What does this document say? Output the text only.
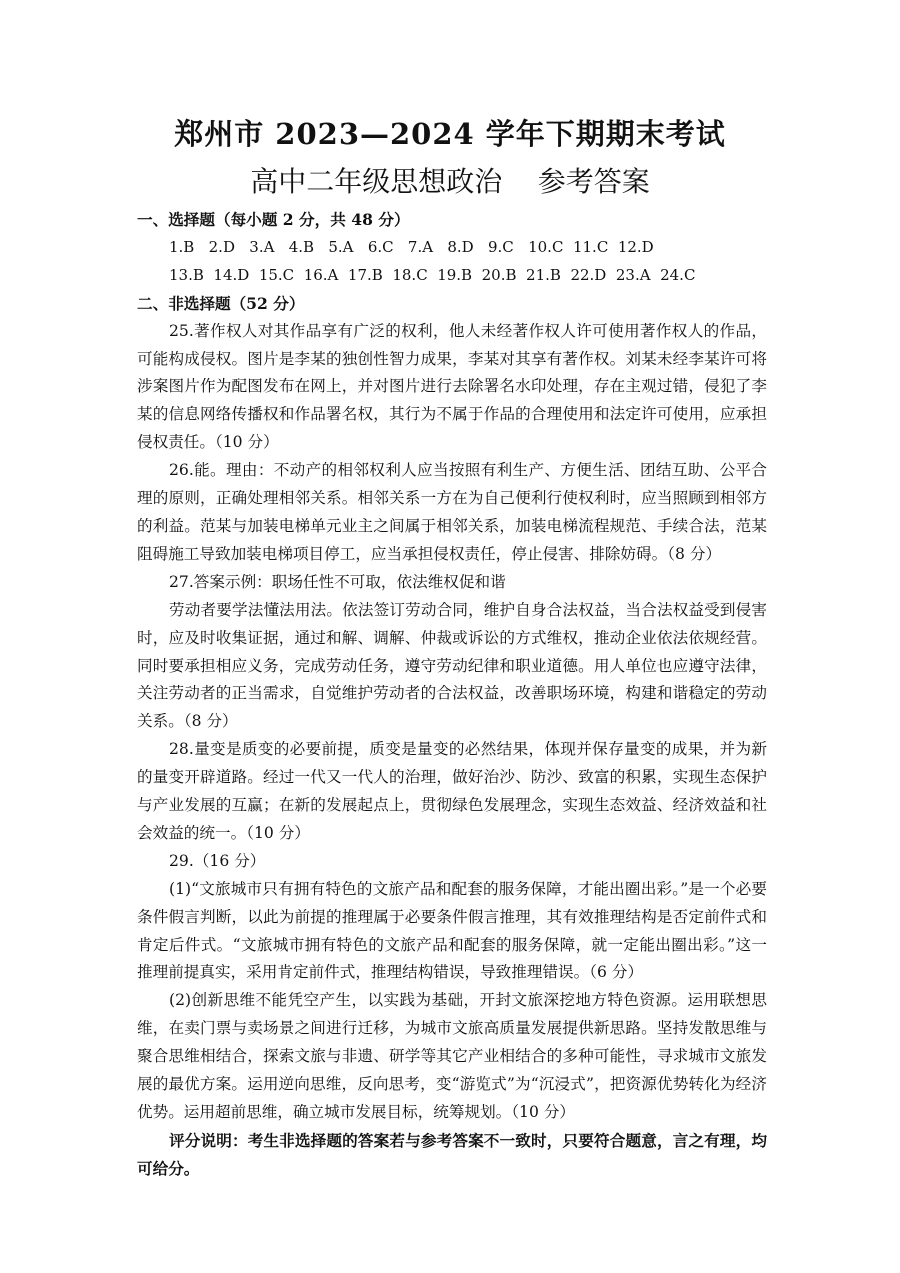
郑州市 2023—2024 学年下期期末考试
高中二年级思想政治    参考答案
一、选择题（每小题 2 分，共 48 分）
1.B   2.D   3.A   4.B   5.A   6.C   7.A   8.D   9.C   10.C  11.C  12.D
13.B  14.D  15.C  16.A  17.B  18.C  19.B  20.B  21.B  22.D  23.A  24.C
二、非选择题（52 分）

25.著作权人对其作品享有广泛的权利，他人未经著作权人许可使用著作权人的作品，可能构成侵权。图片是李某的独创性智力成果，李某对其享有著作权。刘某未经李某许可将涉案图片作为配图发布在网上，并对图片进行去除署名水印处理，存在主观过错，侵犯了李某的信息网络传播权和作品署名权，其行为不属于作品的合理使用和法定许可使用，应承担侵权责任。（10 分）

26.能。理由：不动产的相邻权利人应当按照有利生产、方便生活、团结互助、公平合理的原则，正确处理相邻关系。相邻关系一方在为自己便利行使权利时，应当照顾到相邻方的利益。范某与加装电梯单元业主之间属于相邻关系，加装电梯流程规范、手续合法，范某阻碍施工导致加装电梯项目停工，应当承担侵权责任，停止侵害、排除妨碍。（8 分）

27.答案示例：职场任性不可取，依法维权促和谐

劳动者要学法懂法用法。依法签订劳动合同，维护自身合法权益，当合法权益受到侵害时，应及时收集证据，通过和解、调解、仲裁或诉讼的方式维权，推动企业依法依规经营。同时要承担相应义务，完成劳动任务，遵守劳动纪律和职业道德。用人单位也应遵守法律，关注劳动者的正当需求，自觉维护劳动者的合法权益，改善职场环境，构建和谐稳定的劳动关系。（8 分）

28.量变是质变的必要前提，质变是量变的必然结果，体现并保存量变的成果，并为新的量变开辟道路。经过一代又一代人的治理，做好治沙、防沙、致富的积累，实现生态保护与产业发展的互赢；在新的发展起点上，贯彻绿色发展理念，实现生态效益、经济效益和社会效益的统一。（10 分）

29.（16 分）

(1)“文旅城市只有拥有特色的文旅产品和配套的服务保障，才能出圈出彩。”是一个必要条件假言判断，以此为前提的推理属于必要条件假言推理，其有效推理结构是否定前件式和肯定后件式。“文旅城市拥有特色的文旅产品和配套的服务保障，就一定能出圈出彩。”这一推理前提真实，采用肯定前件式，推理结构错误，导致推理错误。（6 分）

(2)创新思维不能凭空产生，以实践为基础，开封文旅深挖地方特色资源。运用联想思维，在卖门票与卖场景之间进行迁移，为城市文旅高质量发展提供新思路。坚持发散思维与聚合思维相结合，探索文旅与非遗、研学等其它产业相结合的多种可能性，寻求城市文旅发展的最优方案。运用逆向思维，反向思考，变“游览式”为“沉浸式”，把资源优势转化为经济优势。运用超前思维，确立城市发展目标，统筹规划。（10 分）

评分说明：考生非选择题的答案若与参考答案不一致时，只要符合题意，言之有理，均可给分。
